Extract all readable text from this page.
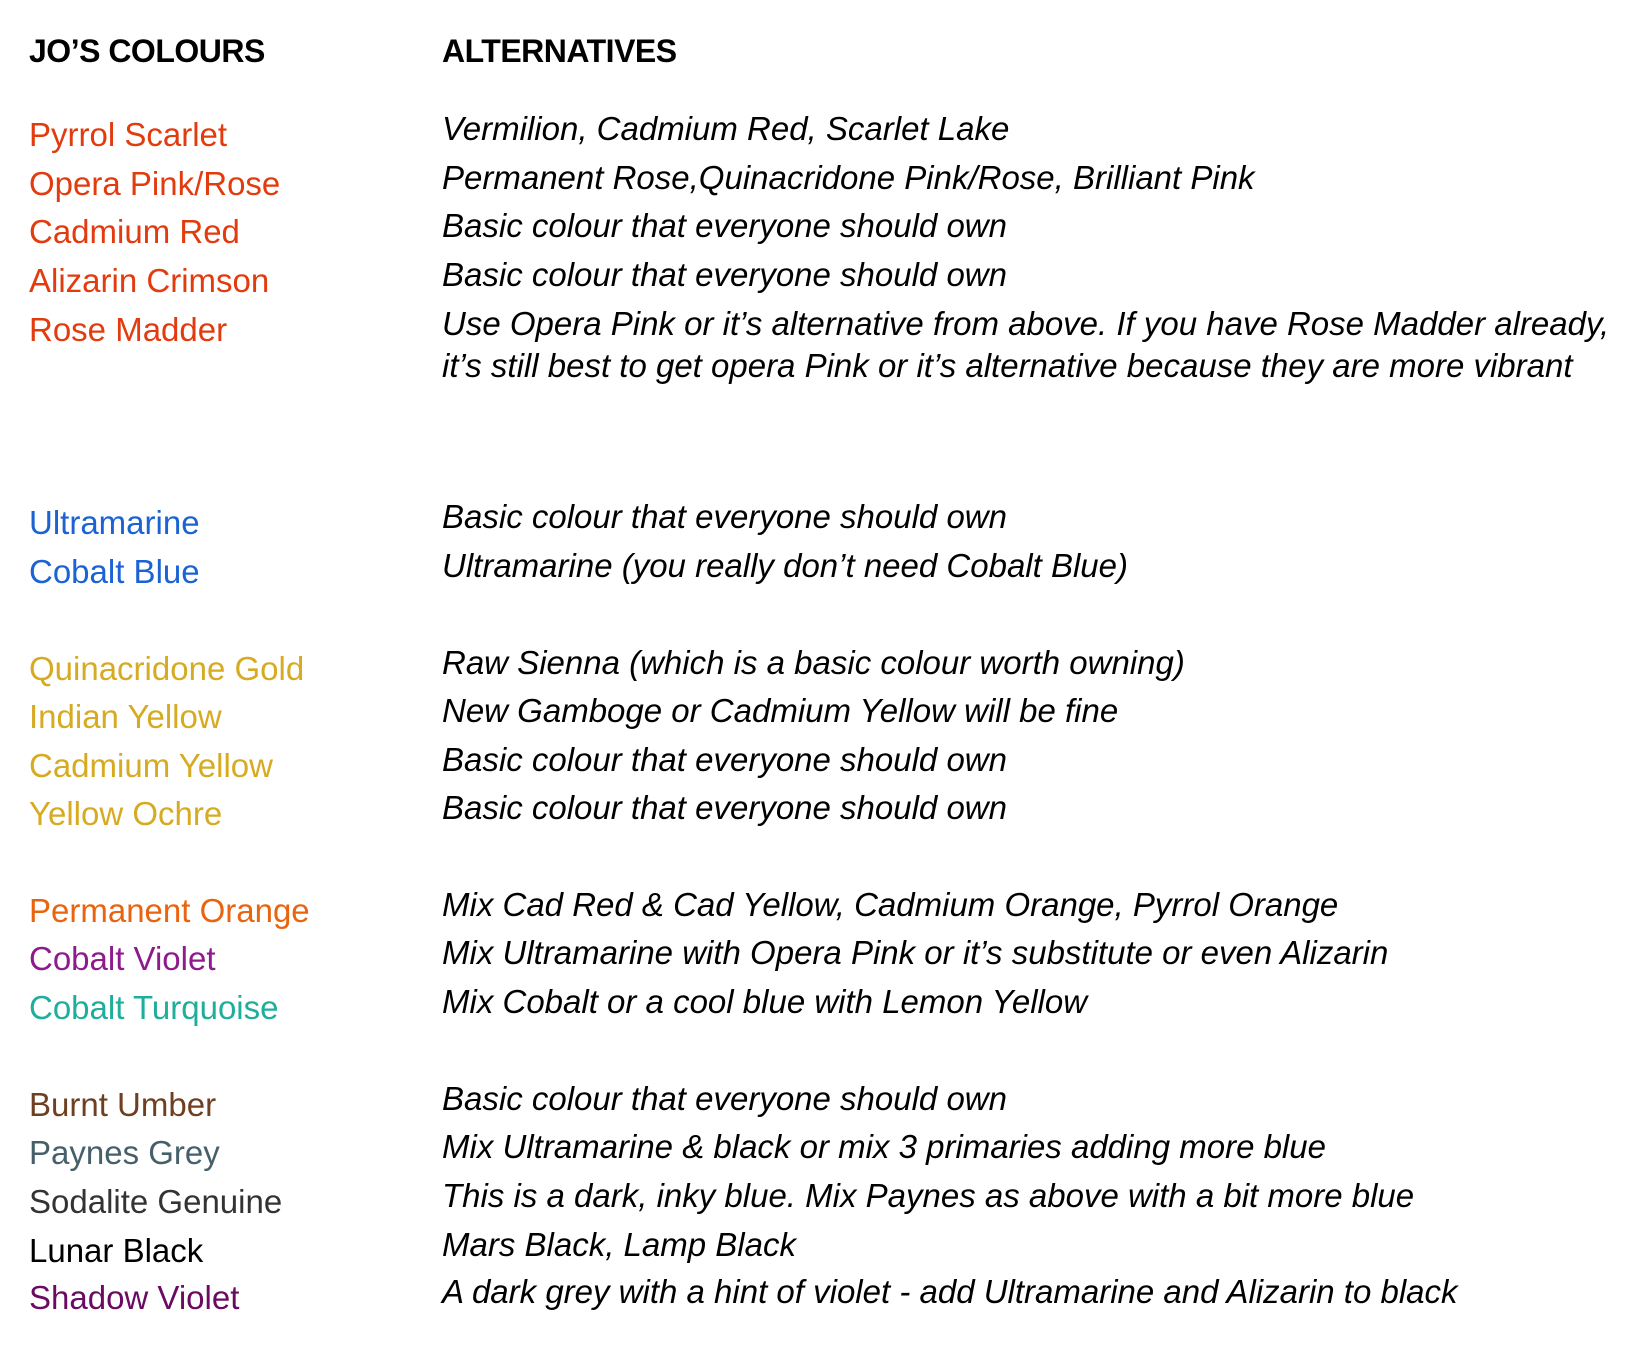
JO’S COLOURS	ALTERNATIVES
Pyrrol Scarlet	Vermilion, Cadmium Red, Scarlet Lake
Opera Pink/Rose	Permanent Rose,Quinacridone Pink/Rose, Brilliant Pink
Cadmium Red	Basic colour that everyone should own
Alizarin Crimson	Basic colour that everyone should own
Rose Madder	Use Opera Pink or it’s alternative from above. If you have Rose Madder already, it’s still best to get opera Pink or it’s alternative because they are more vibrant
Ultramarine	Basic colour that everyone should own
Cobalt Blue	Ultramarine (you really don’t need Cobalt Blue)
Quinacridone Gold	Raw Sienna (which is a basic colour worth owning)
Indian Yellow	New Gamboge or Cadmium Yellow will be fine
Cadmium Yellow	Basic colour that everyone should own
Yellow Ochre	Basic colour that everyone should own
Permanent Orange	Mix Cad Red & Cad Yellow, Cadmium Orange, Pyrrol Orange
Cobalt Violet	Mix Ultramarine with Opera Pink or it’s substitute or even Alizarin
Cobalt Turquoise	Mix Cobalt or a cool blue with Lemon Yellow
Burnt Umber	Basic colour that everyone should own
Paynes Grey	Mix Ultramarine & black or mix 3 primaries adding more blue
Sodalite Genuine	This is a dark, inky blue. Mix Paynes as above with a bit more blue
Lunar Black	Mars Black, Lamp Black
Shadow Violet	A dark grey with a hint of violet - add Ultramarine and Alizarin to black
